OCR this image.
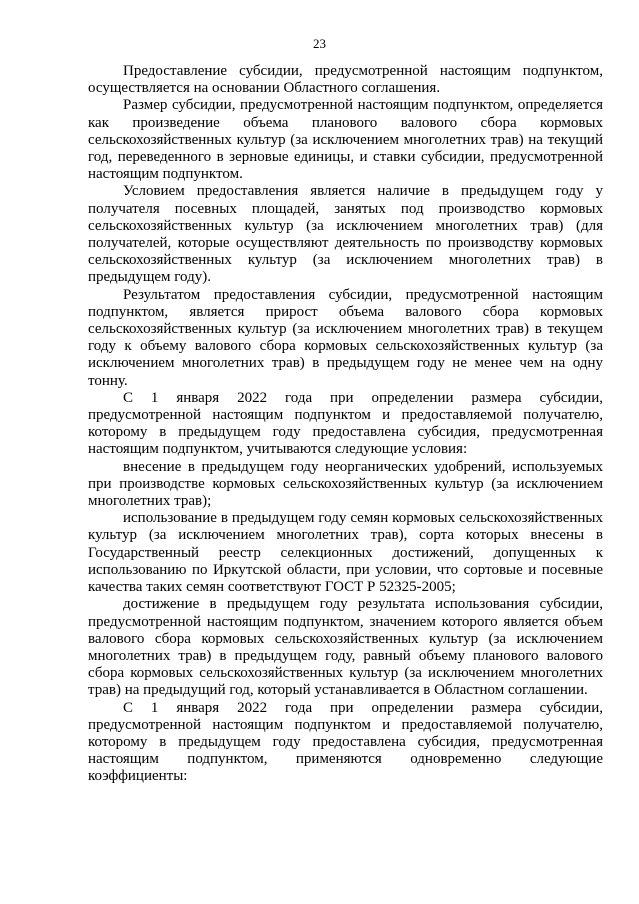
23

Предоставление субсидии, предусмотренной настоящим подпунктом, осуществляется на основании Областного соглашения.

Размер субсидии, предусмотренной настоящим подпунктом, определяется как произведение объема планового валового сбора кормовых сельскохозяйственных культур (за исключением многолетних трав) на текущий год, переведенного в зерновые единицы, и ставки субсидии, предусмотренной настоящим подпунктом.

Условием предоставления является наличие в предыдущем году у получателя посевных площадей, занятых под производство кормовых сельскохозяйственных культур (за исключением многолетних трав) (для получателей, которые осуществляют деятельность по производству кормовых сельскохозяйственных культур (за исключением многолетних трав) в предыдущем году).

Результатом предоставления субсидии, предусмотренной настоящим подпунктом, является прирост объема валового сбора кормовых сельскохозяйственных культур (за исключением многолетних трав) в текущем году к объему валового сбора кормовых сельскохозяйственных культур (за исключением многолетних трав) в предыдущем году не менее чем на одну тонну.

С 1 января 2022 года при определении размера субсидии, предусмотренной настоящим подпунктом и предоставляемой получателю, которому в предыдущем году предоставлена субсидия, предусмотренная настоящим подпунктом, учитываются следующие условия:

внесение в предыдущем году неорганических удобрений, используемых при производстве кормовых сельскохозяйственных культур (за исключением многолетних трав);

использование в предыдущем году семян кормовых сельскохозяйственных культур (за исключением многолетних трав), сорта которых внесены в Государственный реестр селекционных достижений, допущенных к использованию по Иркутской области, при условии, что сортовые и посевные качества таких семян соответствуют ГОСТ Р 52325-2005;

достижение в предыдущем году результата использования субсидии, предусмотренной настоящим подпунктом, значением которого является объем валового сбора кормовых сельскохозяйственных культур (за исключением многолетних трав) в предыдущем году, равный объему планового валового сбора кормовых сельскохозяйственных культур (за исключением многолетних трав) на предыдущий год, который устанавливается в Областном соглашении.

С 1 января 2022 года при определении размера субсидии, предусмотренной настоящим подпунктом и предоставляемой получателю, которому в предыдущем году предоставлена субсидия, предусмотренная настоящим подпунктом, применяются одновременно следующие коэффициенты:
